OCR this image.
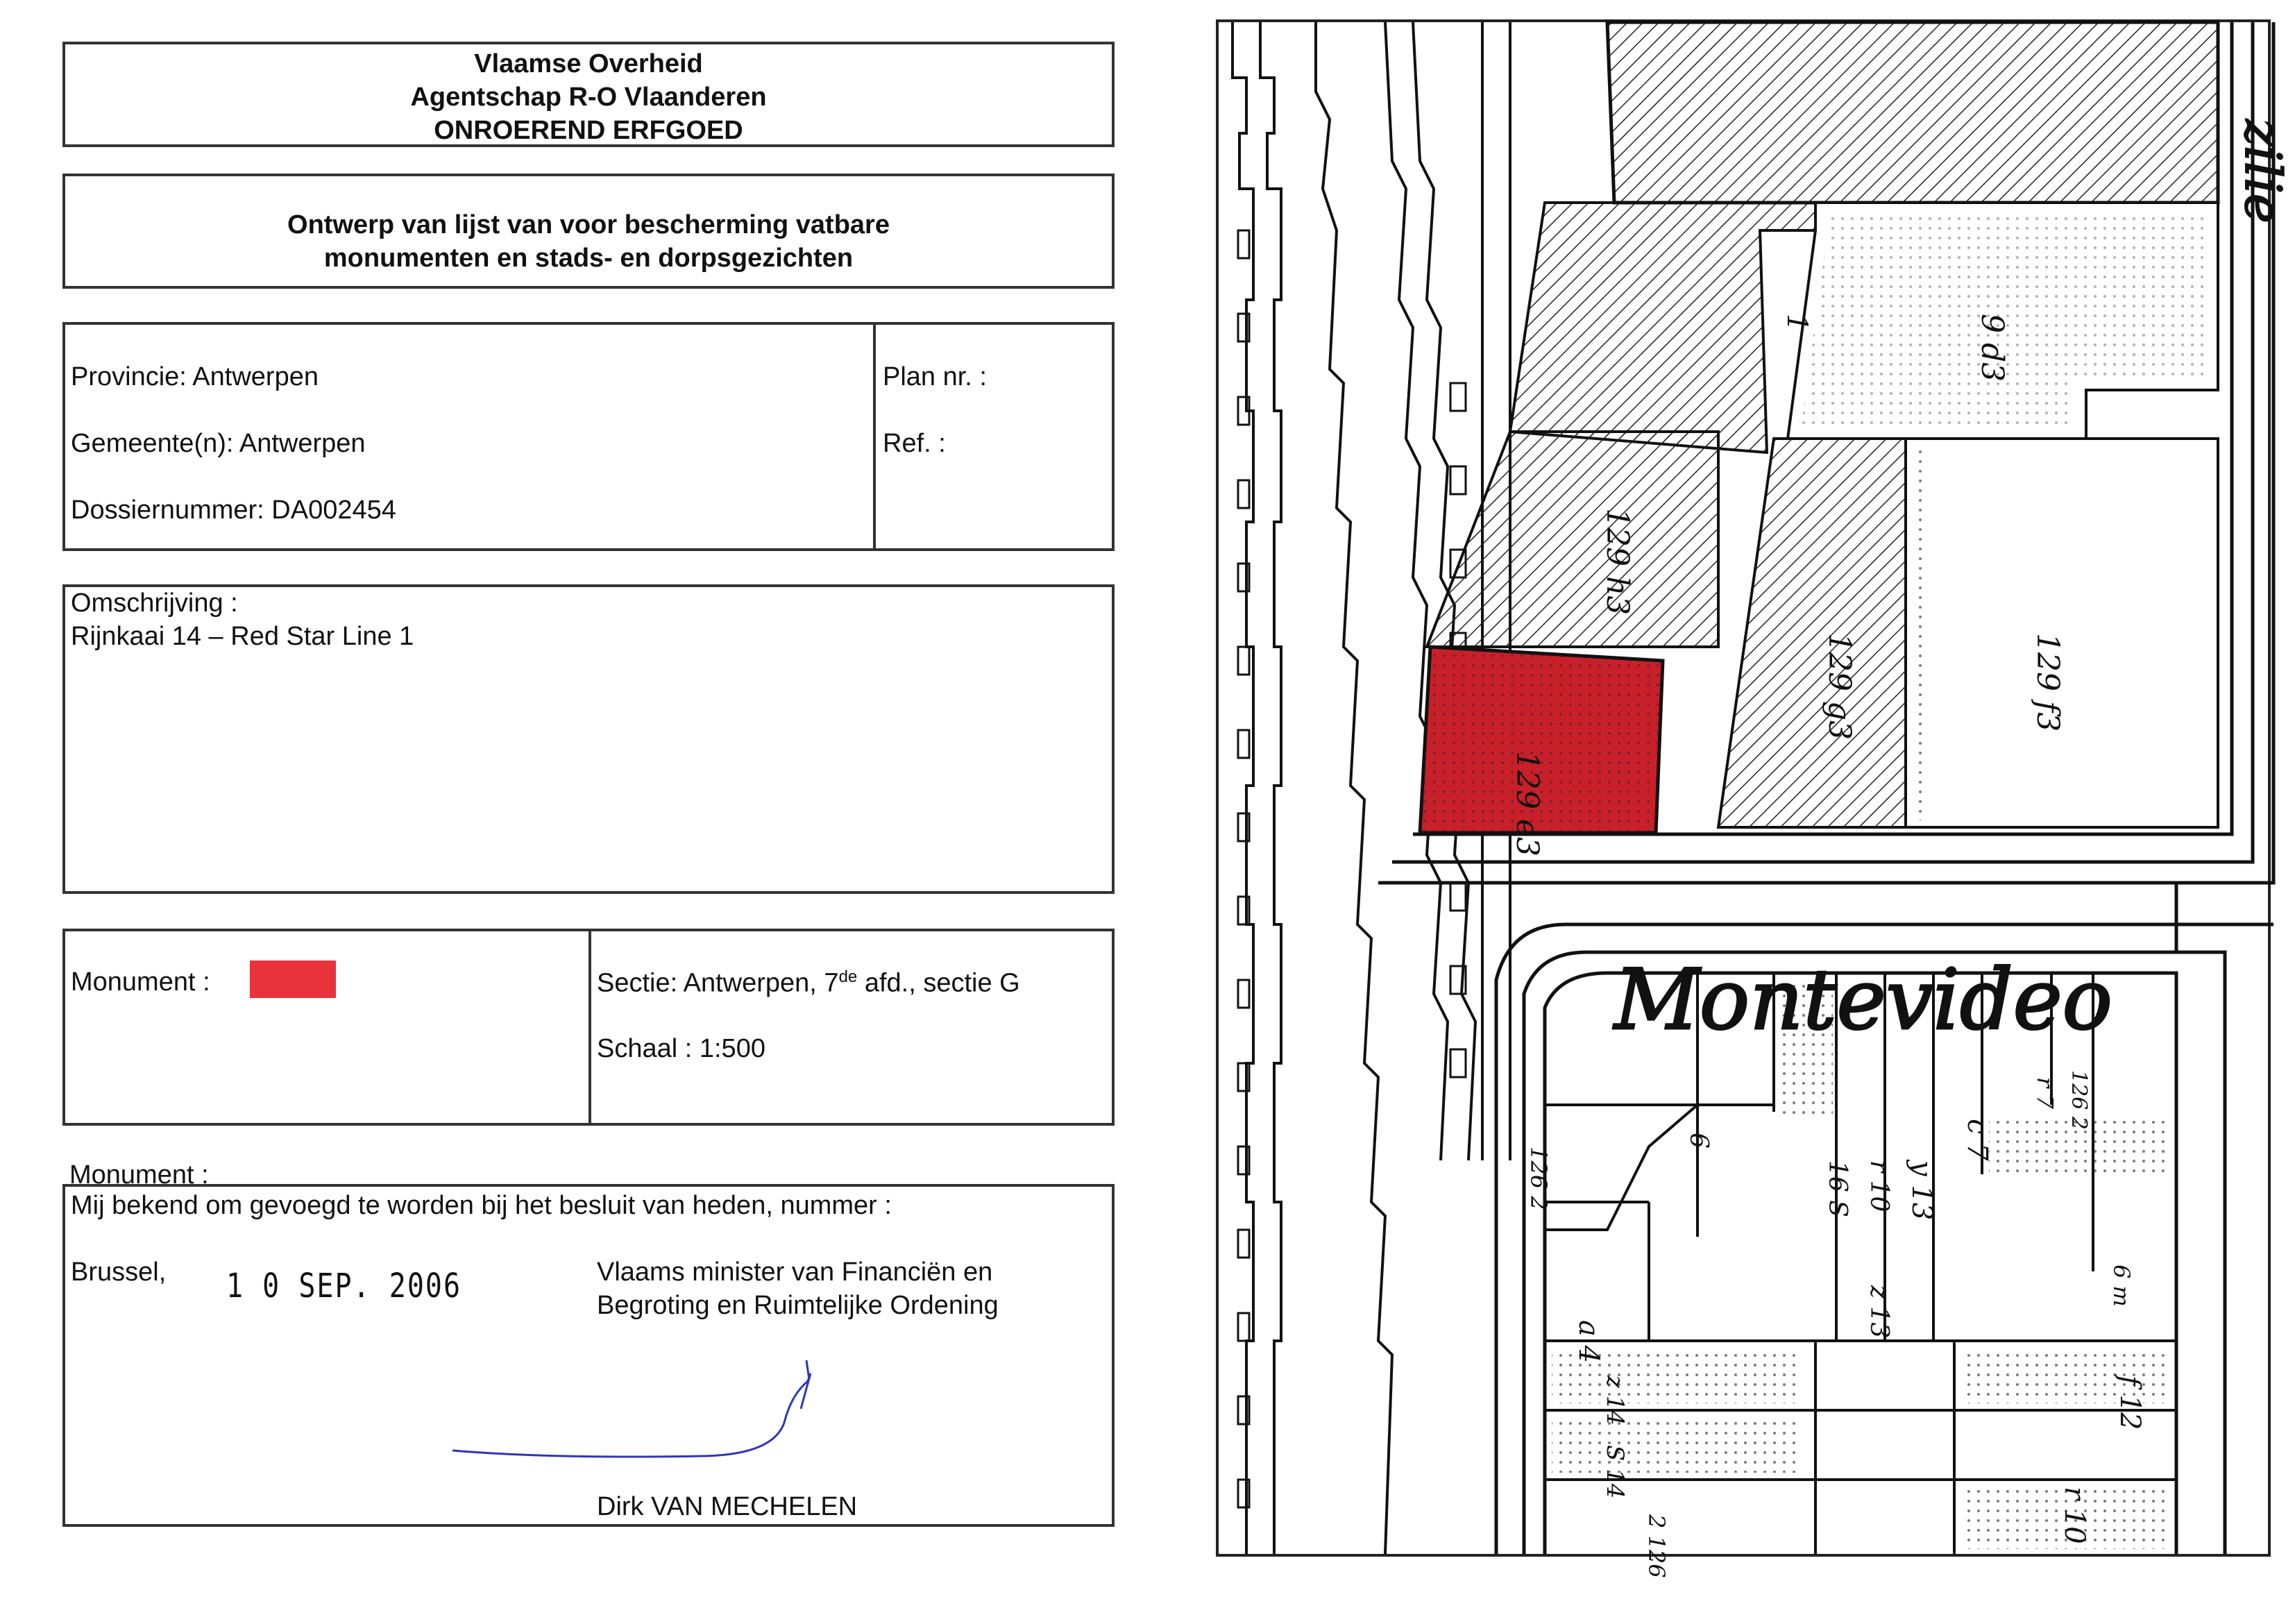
Vlaamse Overheid
Agentschap R-O Vlaanderen
ONROEREND ERFGOED
Ontwerp van lijst van voor bescherming vatbare
monumenten en stads- en dorpsgezichten
Provincie: Antwerpen
Gemeente(n): Antwerpen
Dossiernummer: DA002454
Plan nr. :
Ref. :
Omschrijving :
Rijnkaai 14 – Red Star Line 1
Monument :	Sectie: Antwerpen, 7de afd., sectie G
Schaal : 1:500
Monument :
Mij bekend om gevoegd te worden bij het besluit van heden, nummer :
Brussel, 1 0 SEP. 2006	Vlaams minister van Financiën en
Begroting en Ruimtelijke Ordening
Dirk VAN MECHELEN
Montevideo
zilie
129 e3
129 h3
129 g3	129 f3
9 d3
1
126 2
6
16 S r 10 y 13
c 7
r 7
126 2
z 13
a 4
z 14
S 14
2 126	r 10
f 12
6 m
